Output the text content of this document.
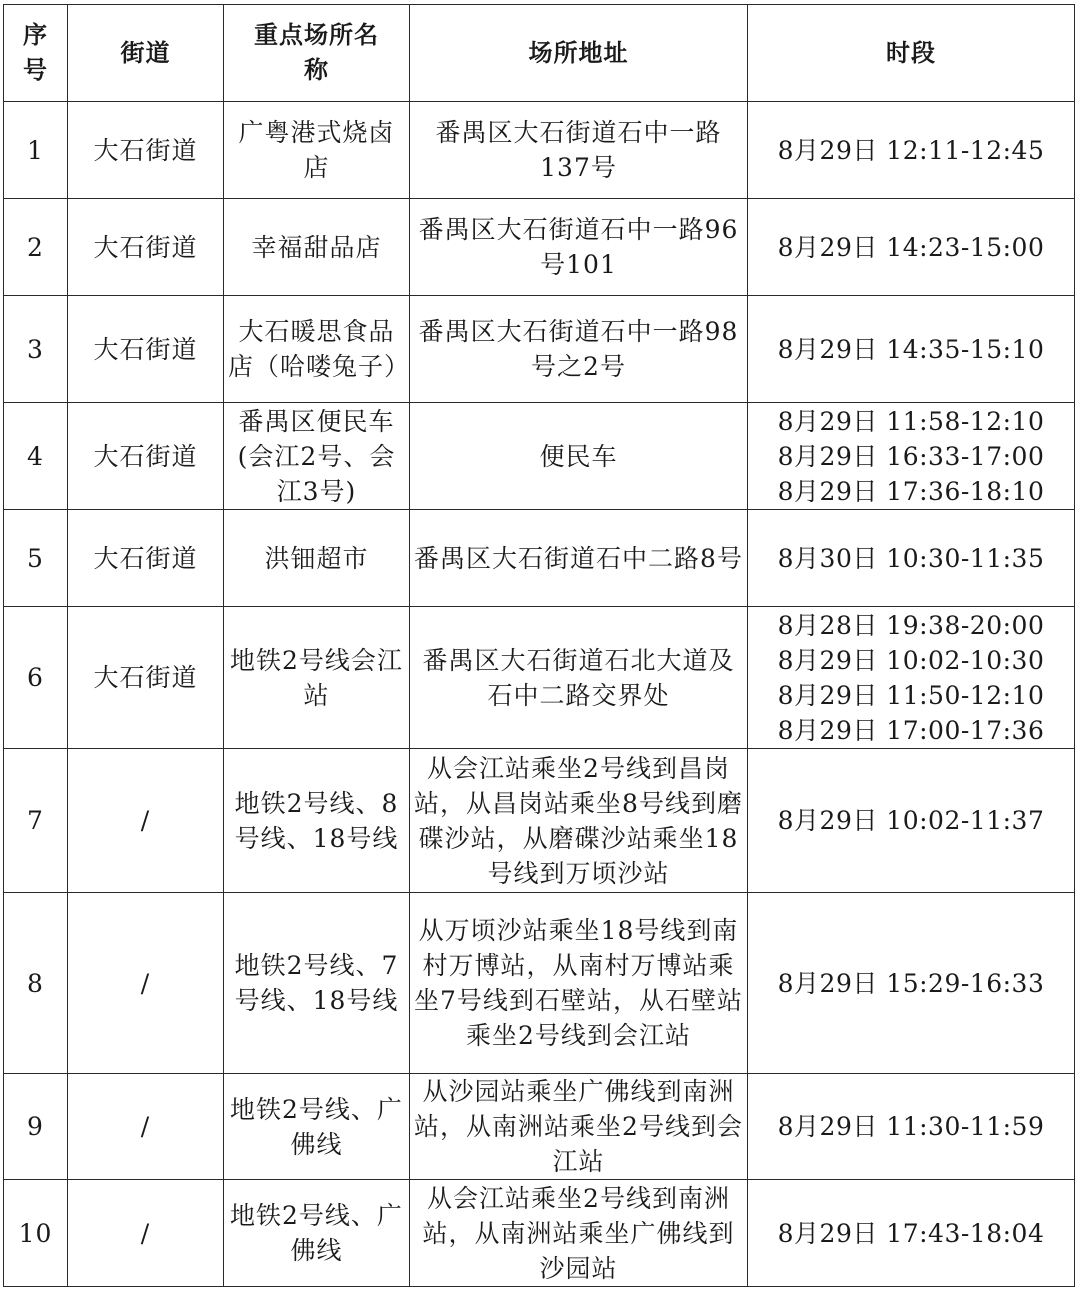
序号	街道	重点场所名称	场所地址	时段
1	大石街道	广粤港式烧卤店	番禺区大石街道石中一路137号	8月29日 12:11-12:45

2	大石街道	幸福甜品店	番禺区大石街道石中一路96号101	8月29日 14:23-15:00

3	大石街道	大石暖思食品店（哈喽兔子）	番禺区大石街道石中一路98号之2号	8月29日 14:35-15:10

4	大石街道	番禺区便民车(会江2号、会江3号)	便民车	8月29日 11:58-12:10
8月29日 16:33-17:00
8月29日 17:36-18:10

5	大石街道	洪钿超市	番禺区大石街道石中二路8号	8月30日 10:30-11:35

6	大石街道	地铁2号线会江站	番禺区大石街道石北大道及石中二路交界处	8月28日 19:38-20:00
8月29日 10:02-10:30
8月29日 11:50-12:10
8月29日 17:00-17:36

7	/	地铁2号线、8号线、18号线	从会江站乘坐2号线到昌岗站，从昌岗站乘坐8号线到磨碟沙站，从磨碟沙站乘坐18号线到万顷沙站	8月29日 10:02-11:37

8	/	地铁2号线、7号线、18号线	从万顷沙站乘坐18号线到南村万博站，从南村万博站乘坐7号线到石壁站，从石壁站乘坐2号线到会江站	8月29日 15:29-16:33

9	/	地铁2号线、广佛线	从沙园站乘坐广佛线到南洲站，从南洲站乘坐2号线到会江站	8月29日 11:30-11:59

10	/	地铁2号线、广佛线	从会江站乘坐2号线到南洲站，从南洲站乘坐广佛线到沙园站	8月29日 17:43-18:04
